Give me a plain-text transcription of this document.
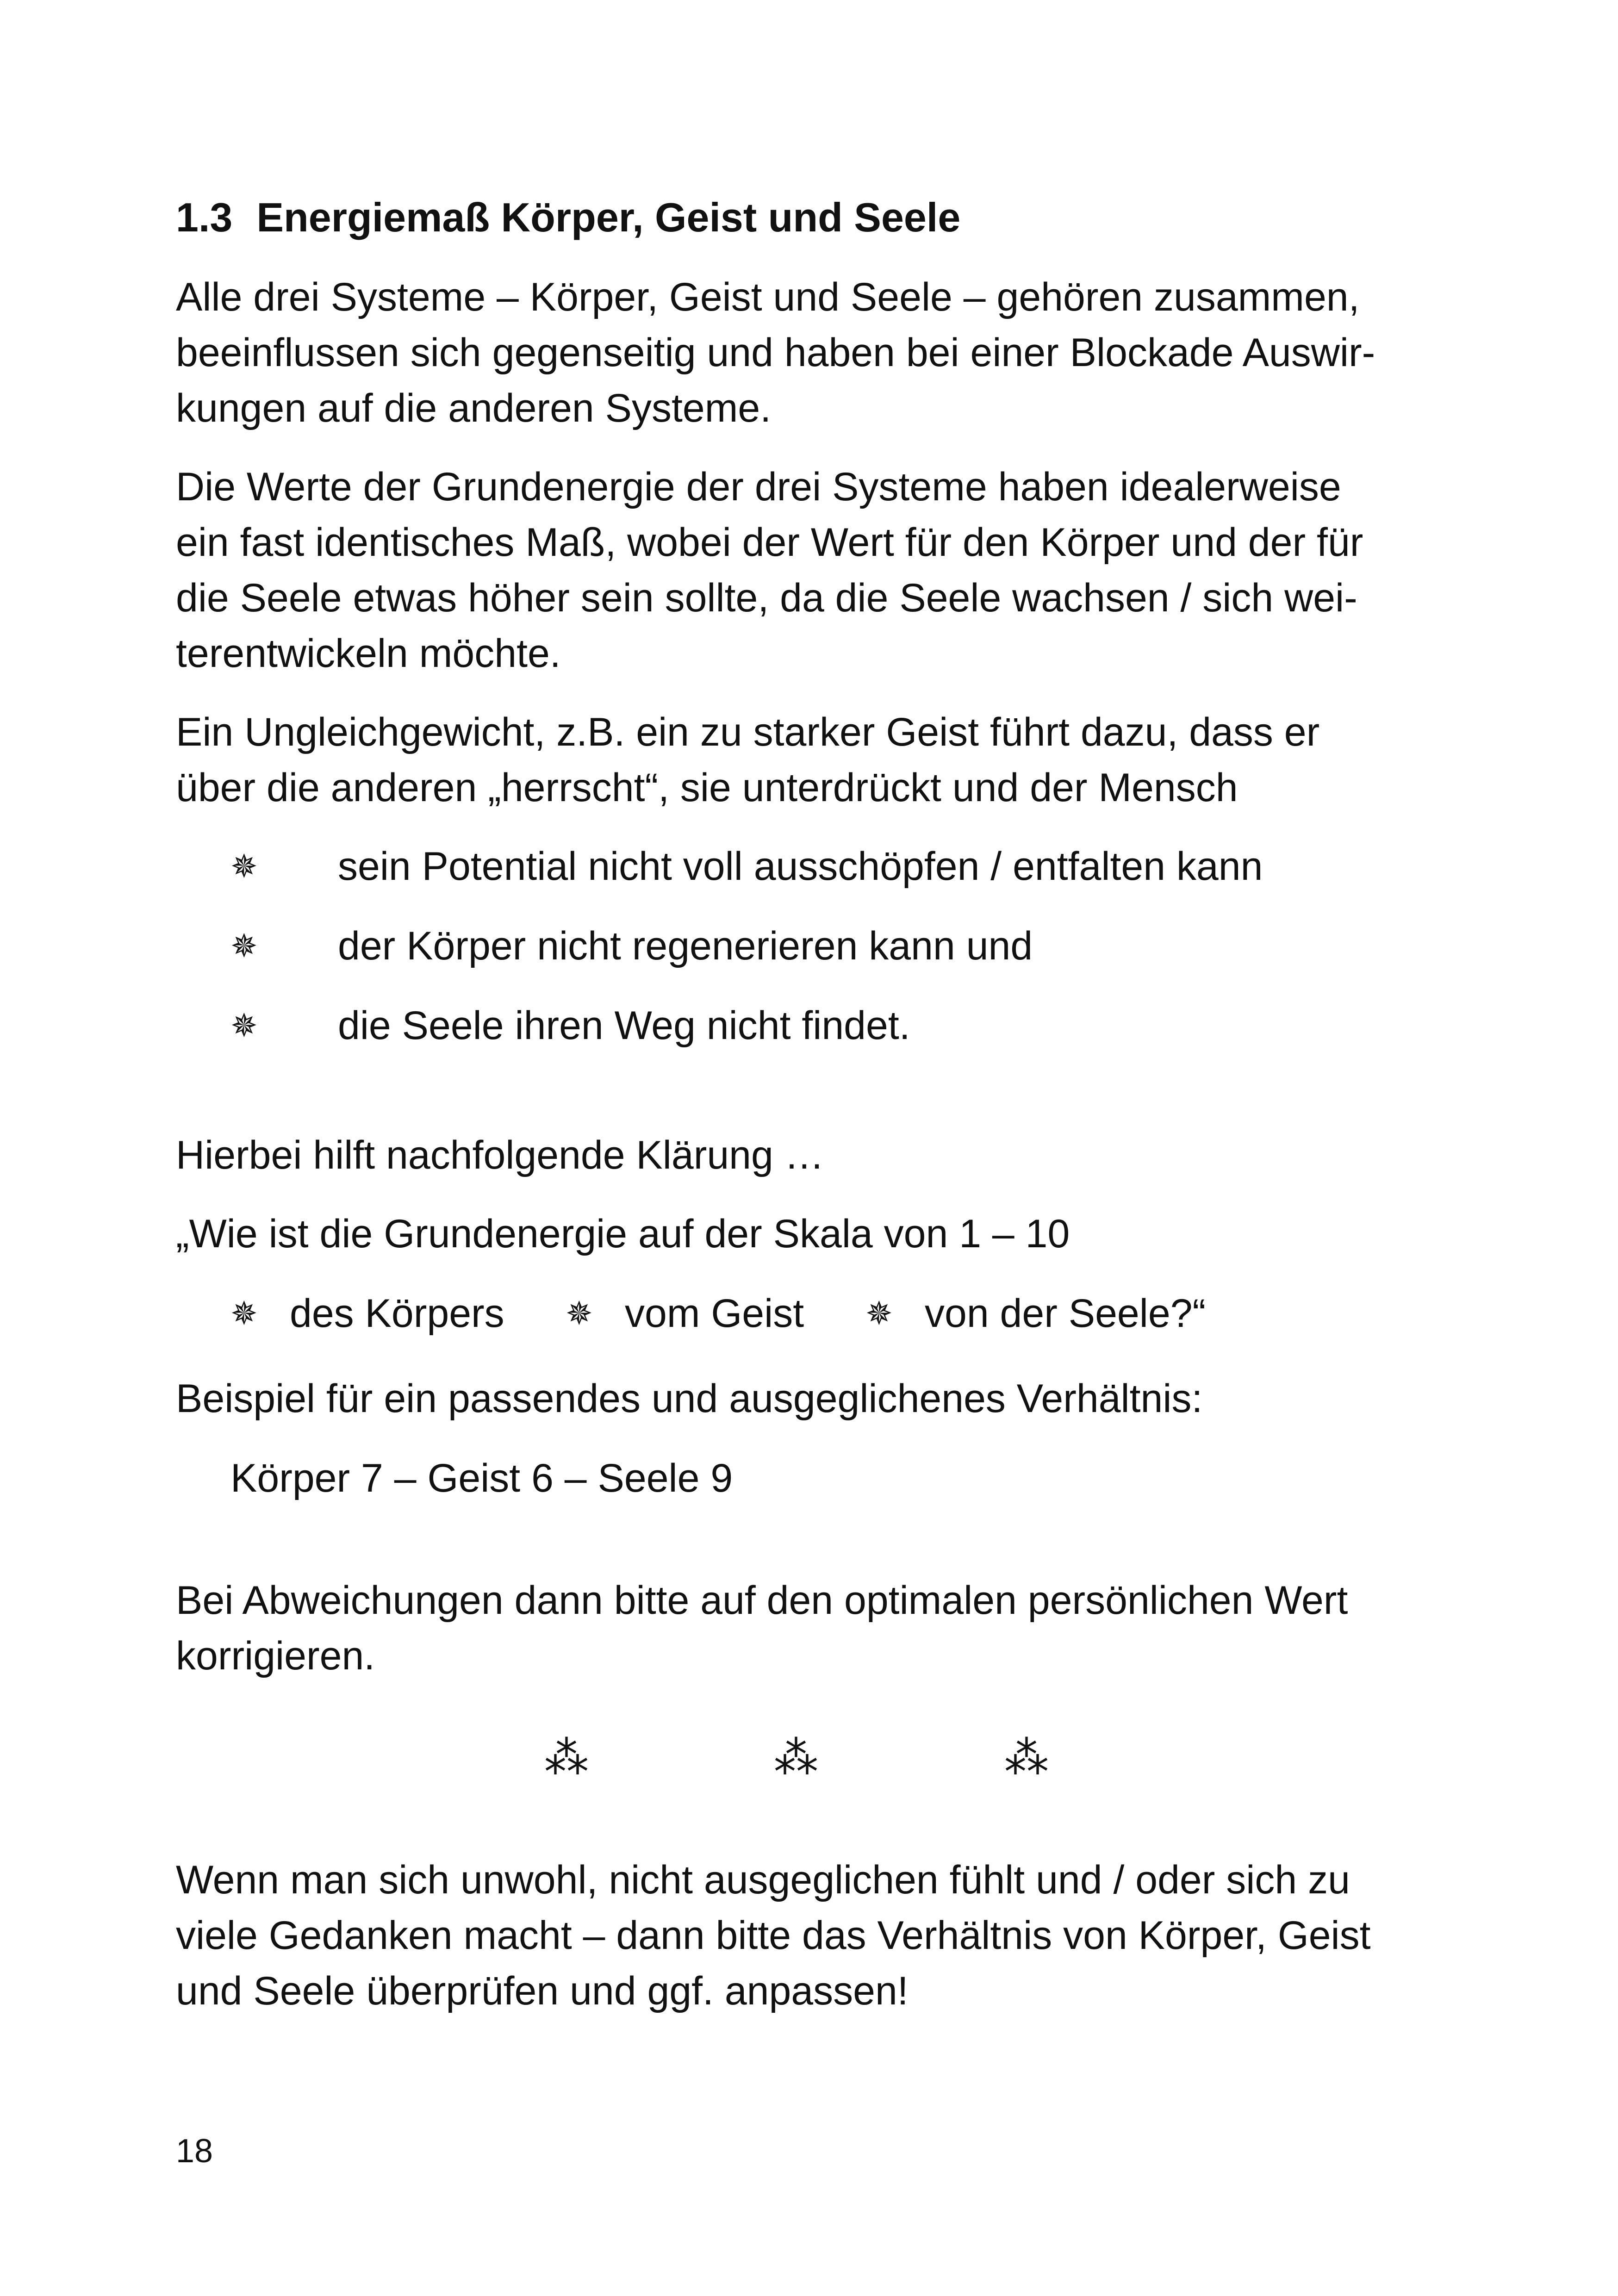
1.3 Energiemaß Körper, Geist und Seele
Alle drei Systeme – Körper, Geist und Seele – gehören zusammen,
beeinflussen sich gegenseitig und haben bei einer Blockade Auswir-
kungen auf die anderen Systeme.
Die Werte der Grundenergie der drei Systeme haben idealerweise
ein fast identisches Maß, wobei der Wert für den Körper und der für
die Seele etwas höher sein sollte, da die Seele wachsen / sich wei-
terentwickeln möchte.
Ein Ungleichgewicht, z.B. ein zu starker Geist führt dazu, dass er
über die anderen „herrscht“, sie unterdrückt und der Mensch
✵ sein Potential nicht voll ausschöpfen / entfalten kann
✵ der Körper nicht regenerieren kann und
✵ die Seele ihren Weg nicht findet.
Hierbei hilft nachfolgende Klärung …
„Wie ist die Grundenergie auf der Skala von 1 – 10
✵ des Körpers ✵ vom Geist ✵ von der Seele?“
Beispiel für ein passendes und ausgeglichenes Verhältnis:
Körper 7 – Geist 6 – Seele 9
Bei Abweichungen dann bitte auf den optimalen persönlichen Wert
korrigieren.
⁂	⁂	⁂
Wenn man sich unwohl, nicht ausgeglichen fühlt und / oder sich zu
viele Gedanken macht – dann bitte das Verhältnis von Körper, Geist
und Seele überprüfen und ggf. anpassen!
18
